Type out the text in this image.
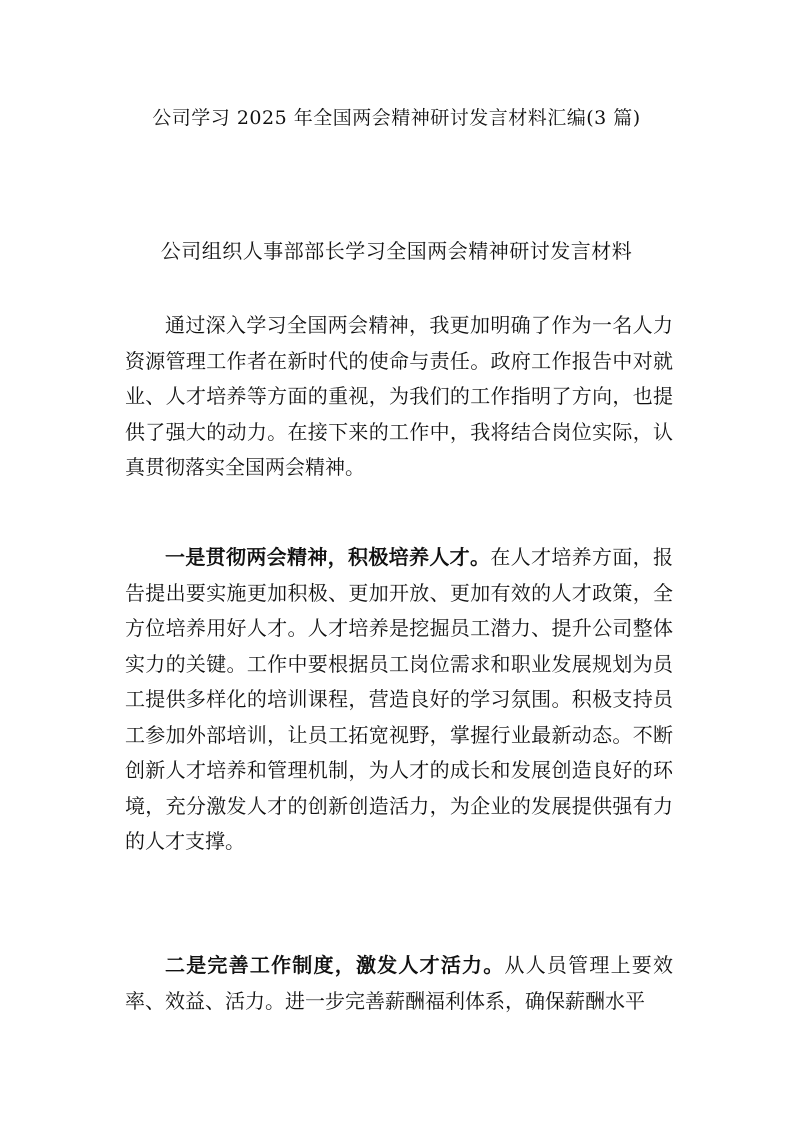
公司学习 2025 年全国两会精神研讨发言材料汇编(3 篇)
公司组织人事部部长学习全国两会精神研讨发言材料

通过深入学习全国两会精神，我更加明确了作为一名人力资源管理工作者在新时代的使命与责任。政府工作报告中对就业、人才培养等方面的重视，为我们的工作指明了方向，也提供了强大的动力。在接下来的工作中，我将结合岗位实际，认真贯彻落实全国两会精神。

一是贯彻两会精神，积极培养人才。在人才培养方面，报告提出要实施更加积极、更加开放、更加有效的人才政策，全方位培养用好人才。人才培养是挖掘员工潜力、提升公司整体实力的关键。工作中要根据员工岗位需求和职业发展规划为员工提供多样化的培训课程，营造良好的学习氛围。积极支持员工参加外部培训，让员工拓宽视野，掌握行业最新动态。不断创新人才培养和管理机制，为人才的成长和发展创造良好的环境，充分激发人才的创新创造活力，为企业的发展提供强有力的人才支撑。

二是完善工作制度，激发人才活力。从人员管理上要效率、效益、活力。进一步完善薪酬福利体系，确保薪酬水平
